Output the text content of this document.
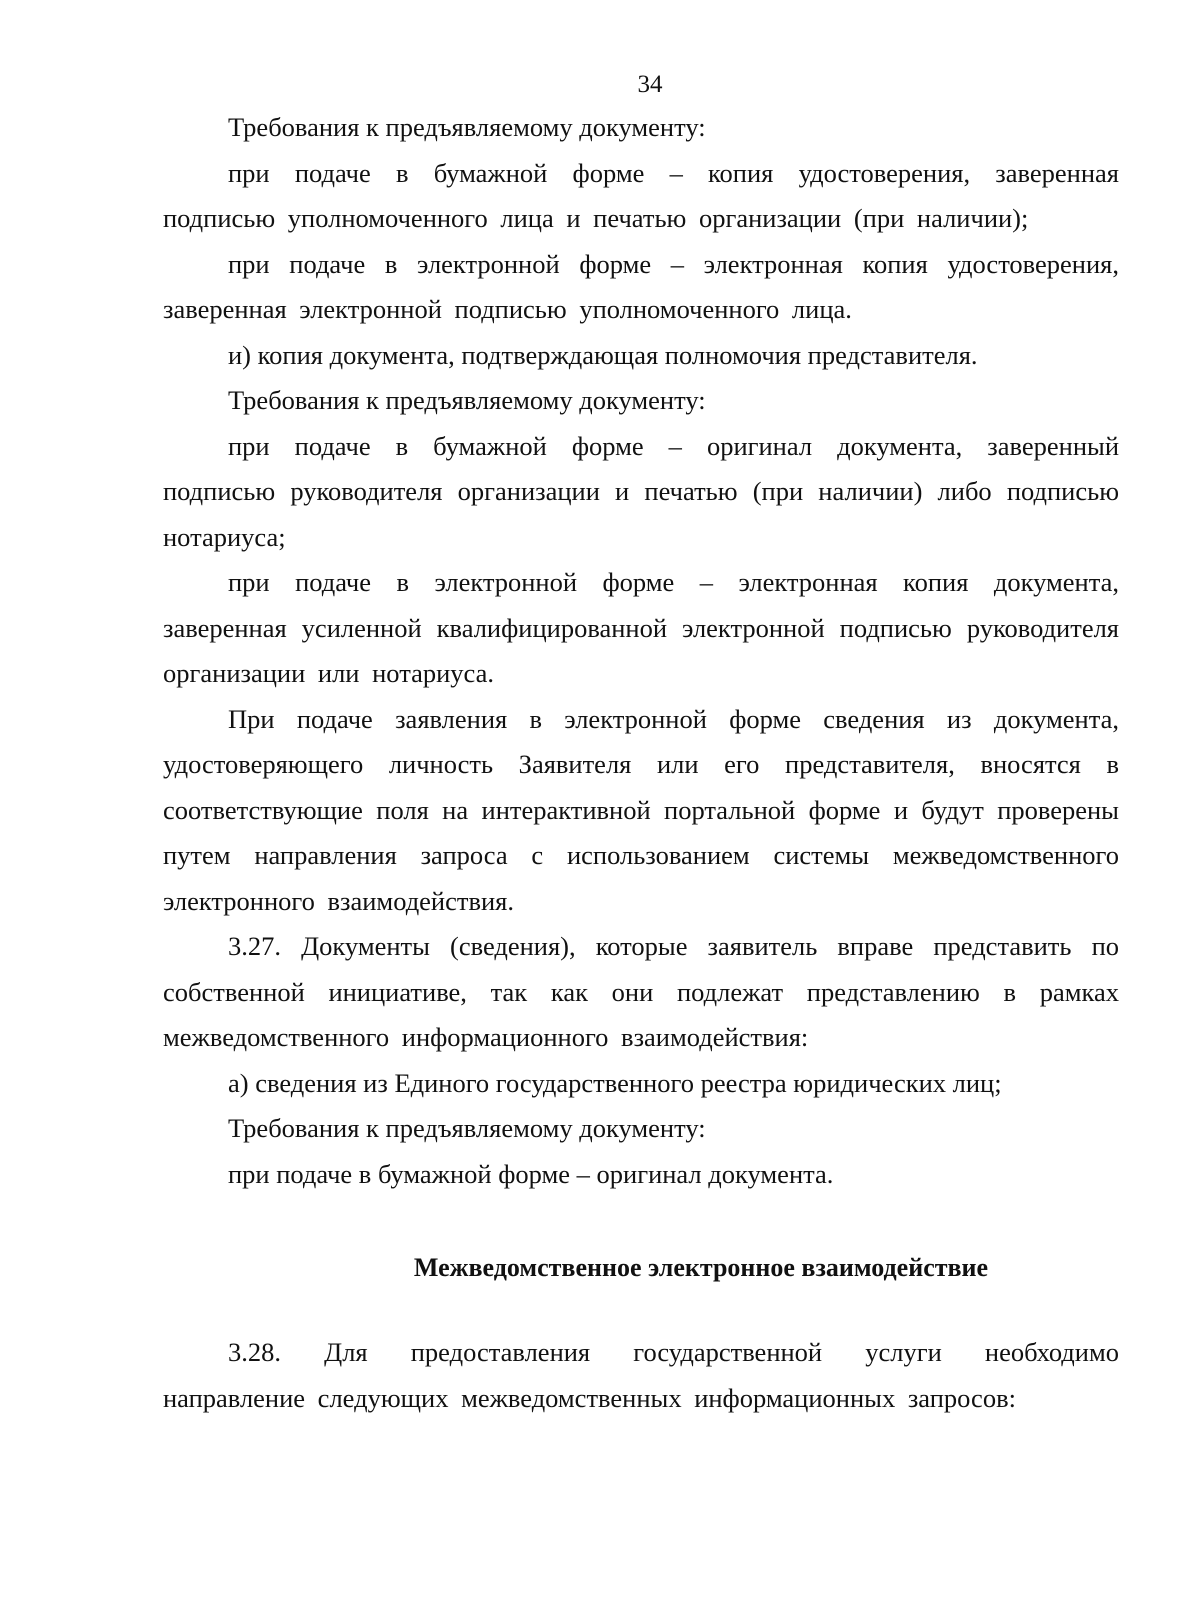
34

Требования к предъявляемому документу:

при подаче в бумажной форме – копия удостоверения, заверенная подписью уполномоченного лица и печатью организации (при наличии);

при подаче в электронной форме – электронная копия удостоверения, заверенная электронной подписью уполномоченного лица.

и) копия документа, подтверждающая полномочия представителя.

Требования к предъявляемому документу:

при подаче в бумажной форме – оригинал документа, заверенный подписью руководителя организации и печатью (при наличии) либо подписью нотариуса;

при подаче в электронной форме – электронная копия документа, заверенная усиленной квалифицированной электронной подписью руководителя организации или нотариуса.

При подаче заявления в электронной форме сведения из документа, удостоверяющего личность Заявителя или его представителя, вносятся в соответствующие поля на интерактивной портальной форме и будут проверены путем направления запроса с использованием системы межведомственного электронного взаимодействия.

3.27. Документы (сведения), которые заявитель вправе представить по собственной инициативе, так как они подлежат представлению в рамках межведомственного информационного взаимодействия:

а) сведения из Единого государственного реестра юридических лиц;

Требования к предъявляемому документу:

при подаче в бумажной форме – оригинал документа.

Межведомственное электронное взаимодействие

3.28. Для предоставления государственной услуги необходимо направление следующих межведомственных информационных запросов:
